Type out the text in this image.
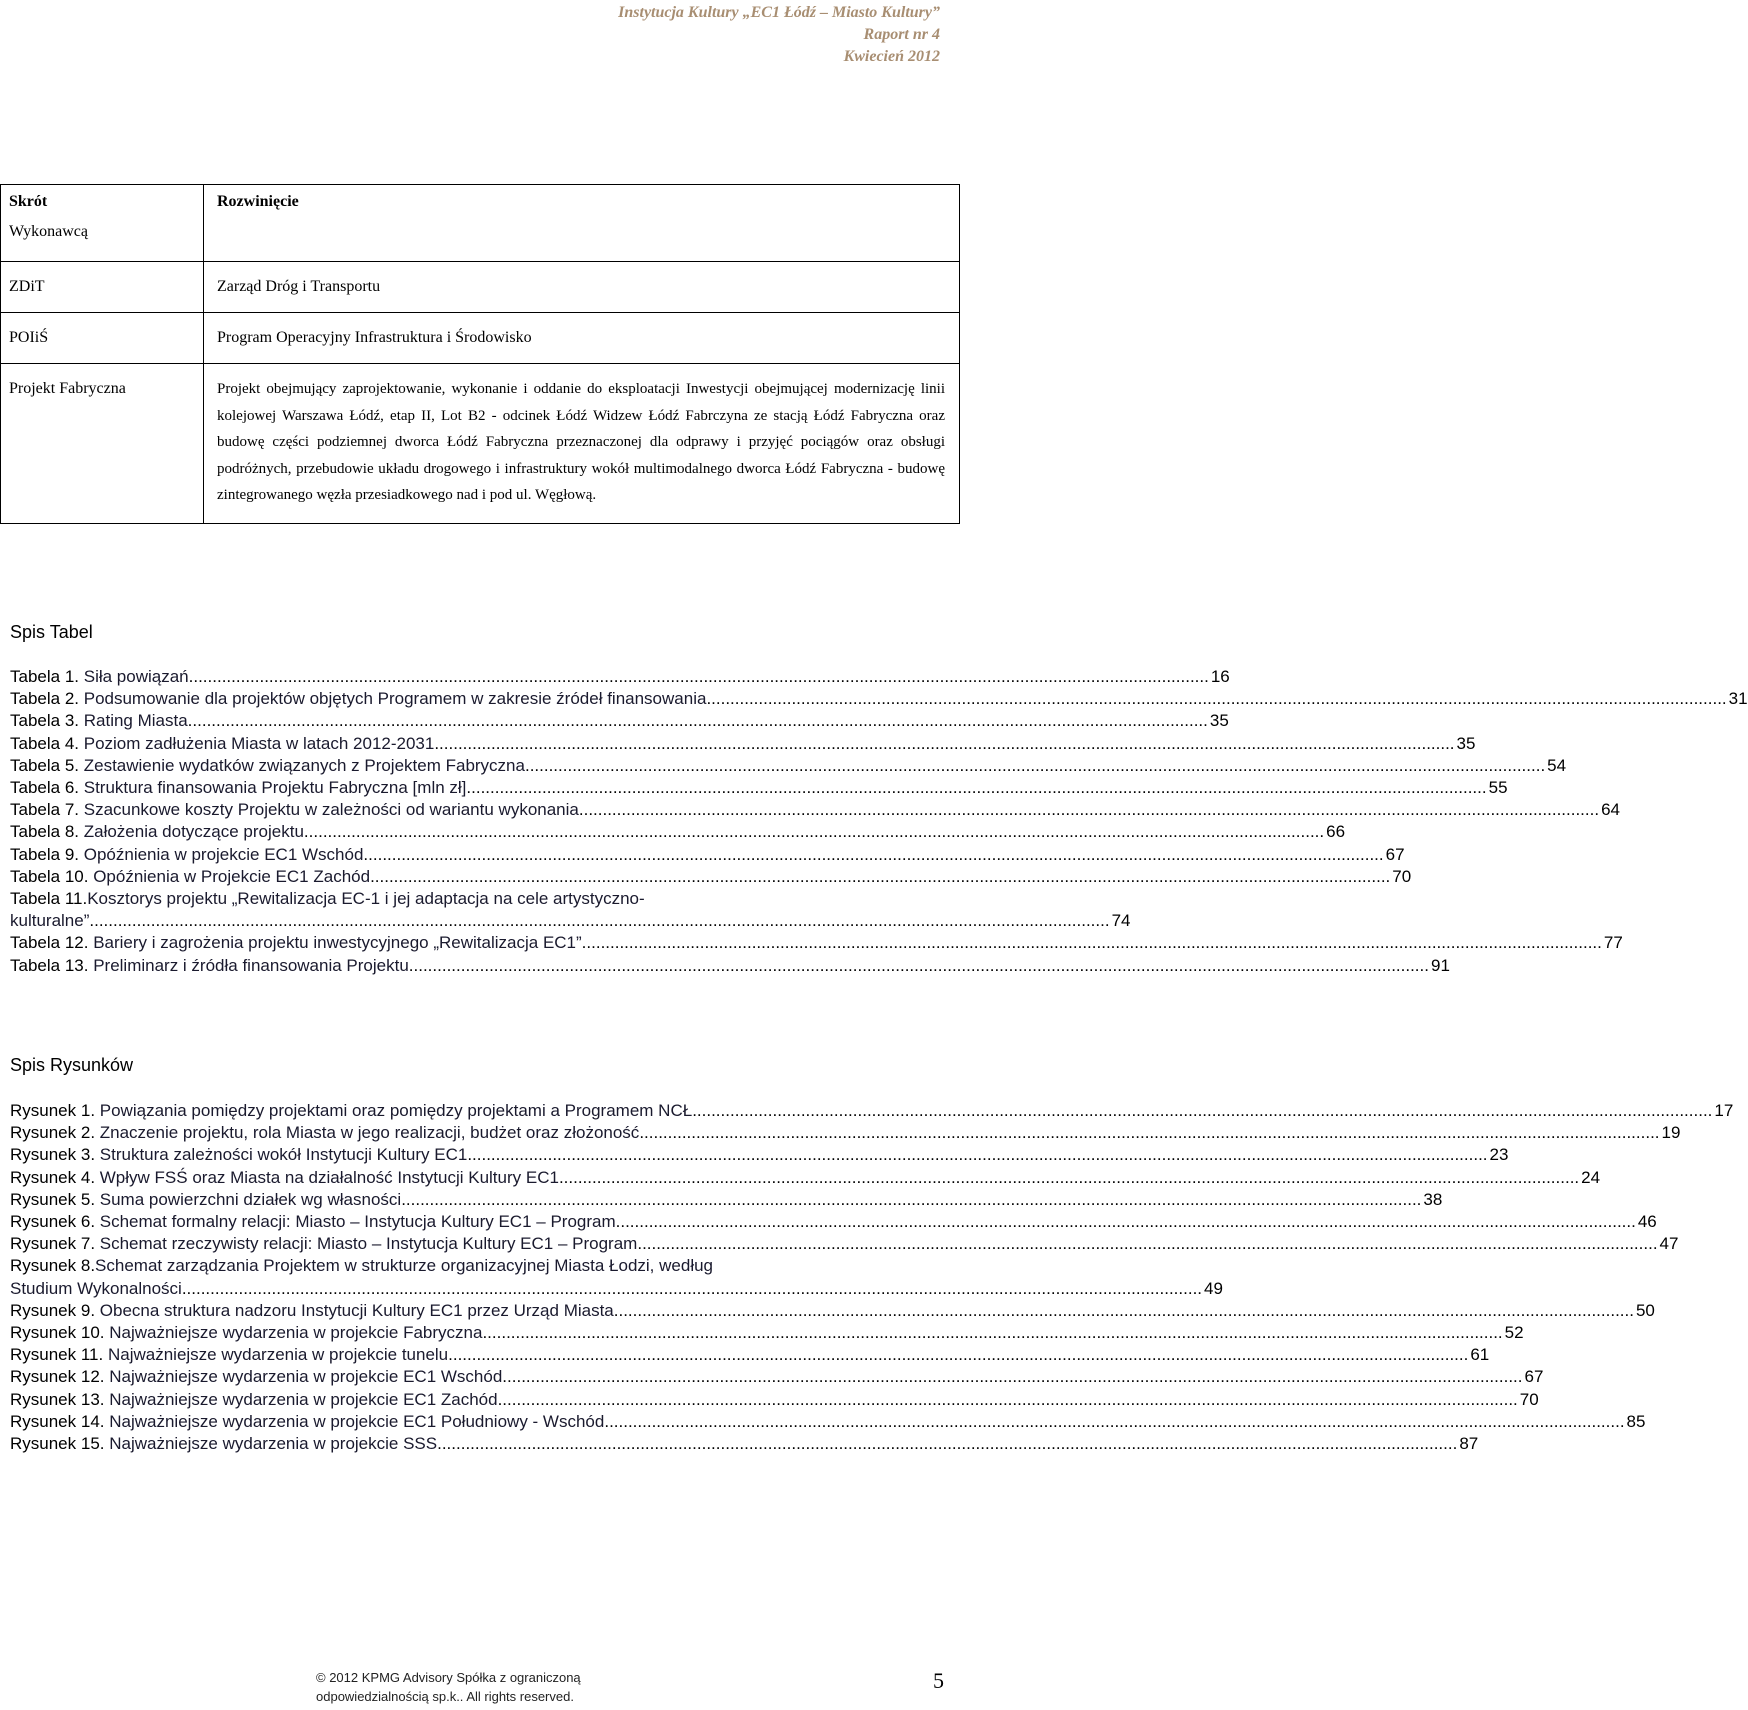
Instytucja Kultury „EC1 Łódź – Miasto Kultury”
Raport nr 4
Kwiecień 2012
Skrót	Rozwinięcie

Wykonawcą	
ZDiT	Zarząd Dróg i Transportu
POIiŚ	Program Operacyjny Infrastruktura i Środowisko
Projekt Fabryczna	Projekt obejmujący zaprojektowanie, wykonanie i oddanie do eksploatacji Inwestycji obejmującej modernizację linii kolejowej Warszawa Łódź, etap II, Lot B2 - odcinek Łódź Widzew Łódź Fabrczyna ze stacją Łódź Fabryczna oraz budowę części podziemnej dworca Łódź Fabryczna przeznaczonej dla odprawy i przyjęć pociągów oraz obsługi podróżnych, przebudowie układu drogowego i infrastruktury wokół multimodalnego dworca Łódź Fabryczna - budowę zintegrowanego węzła przesiadkowego nad i pod ul. Węgłową.
Spis Tabel
Tabela 1. Siła powiązań .....	16
Tabela 2. Podsumowanie dla projektów objętych Programem w zakresie źródeł finansowania .....	31
Tabela 3. Rating Miasta .....	35
Tabela 4. Poziom zadłużenia Miasta w latach 2012-2031 .....	35
Tabela 5. Zestawienie wydatków związanych z Projektem Fabryczna .....	54
Tabela 6. Struktura finansowania Projektu Fabryczna [mln zł] .....	55
Tabela 7. Szacunkowe koszty Projektu w zależności od wariantu wykonania .....	64
Tabela 8. Założenia dotyczące projektu .....	66
Tabela 9. Opóźnienia w projekcie EC1 Wschód .....	67
Tabela 10. Opóźnienia w Projekcie EC1 Zachód .....	70
Tabela 11. Kosztorys projektu „Rewitalizacja EC-1 i jej adaptacja na cele artystyczno-
kulturalne” .....	74
Tabela 12. Bariery i zagrożenia projektu inwestycyjnego „Rewitalizacja EC1” .....	77
Tabela 13. Preliminarz i źródła finansowania Projektu .....	91
Spis Rysunków
Rysunek 1. Powiązania pomiędzy projektami oraz pomiędzy projektami a Programem NCŁ .....	17
Rysunek 2. Znaczenie projektu, rola Miasta w jego realizacji, budżet oraz złożoność .....	19
Rysunek 3. Struktura zależności wokół Instytucji Kultury EC1 .....	23
Rysunek 4. Wpływ FSŚ oraz Miasta na działalność Instytucji Kultury EC1 .....	24
Rysunek 5. Suma powierzchni działek wg własności .....	38
Rysunek 6. Schemat formalny relacji: Miasto – Instytucja Kultury EC1 – Program .....	46
Rysunek 7. Schemat rzeczywisty relacji: Miasto – Instytucja Kultury EC1 – Program .....	47
Rysunek 8. Schemat zarządzania Projektem w strukturze organizacyjnej Miasta Łodzi, według
Studium Wykonalności .....	49
Rysunek 9. Obecna struktura nadzoru Instytucji Kultury EC1 przez Urząd Miasta .....	50
Rysunek 10. Najważniejsze wydarzenia w projekcie Fabryczna .....	52
Rysunek 11. Najważniejsze wydarzenia w projekcie tunelu .....	61
Rysunek 12. Najważniejsze wydarzenia w projekcie EC1 Wschód .....	67
Rysunek 13. Najważniejsze wydarzenia w projekcie EC1 Zachód .....	70
Rysunek 14. Najważniejsze wydarzenia w projekcie EC1 Południowy - Wschód .....	85
Rysunek 15. Najważniejsze wydarzenia w projekcie SSS .....	87
© 2012 KPMG Advisory Spółka z ograniczoną
odpowiedzialnością sp.k.. All rights reserved.
5
